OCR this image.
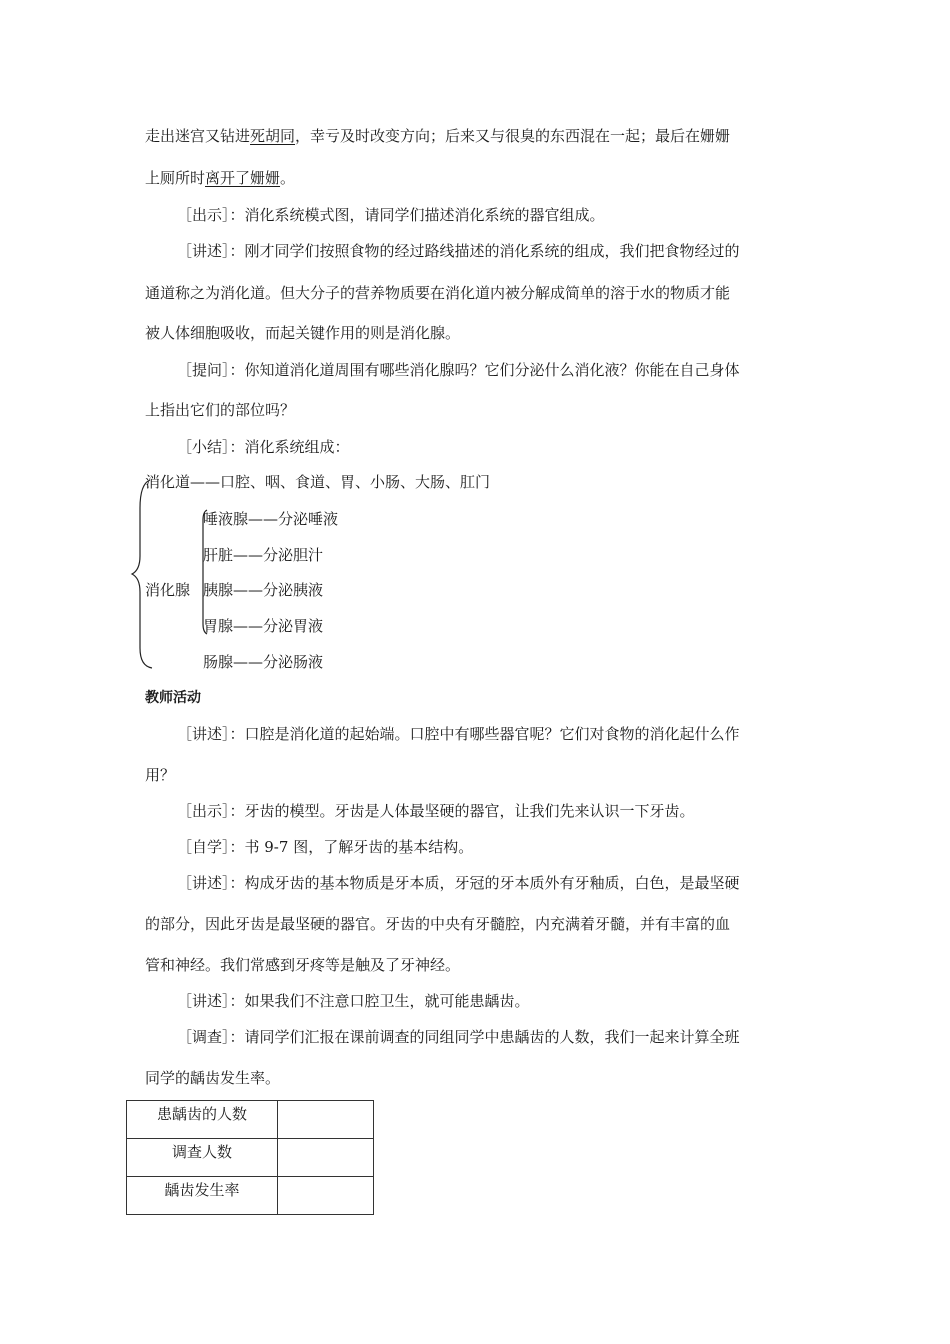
走出迷宫又钻进死胡同，幸亏及时改变方向；后来又与很臭的东西混在一起；最后在姗姗
上厕所时离开了姗姗。
［出示］：消化系统模式图，请同学们描述消化系统的器官组成。
［讲述］：刚才同学们按照食物的经过路线描述的消化系统的组成，我们把食物经过的
通道称之为消化道。但大分子的营养物质要在消化道内被分解成简单的溶于水的物质才能
被人体细胞吸收，而起关键作用的则是消化腺。
［提问］：你知道消化道周围有哪些消化腺吗？它们分泌什么消化液？你能在自己身体
上指出它们的部位吗？
［小结］：消化系统组成：
消化道——口腔、咽、食道、胃、小肠、大肠、肛门
唾液腺——分泌唾液
肝脏——分泌胆汁
消化腺 胰腺——分泌胰液
胃腺——分泌胃液
肠腺——分泌肠液
教师活动
［讲述］：口腔是消化道的起始端。口腔中有哪些器官呢？它们对食物的消化起什么作
用？
［出示］：牙齿的模型。牙齿是人体最坚硬的器官，让我们先来认识一下牙齿。
［自学］：书 9-7 图，了解牙齿的基本结构。
［讲述］：构成牙齿的基本物质是牙本质，牙冠的牙本质外有牙釉质，白色，是最坚硬
的部分，因此牙齿是最坚硬的器官。牙齿的中央有牙髓腔，内充满着牙髓，并有丰富的血
管和神经。我们常感到牙疼等是触及了牙神经。
［讲述］：如果我们不注意口腔卫生，就可能患龋齿。
［调查］：请同学们汇报在课前调查的同组同学中患龋齿的人数，我们一起来计算全班
同学的龋齿发生率。
患龋齿的人数	
调查人数	
龋齿发生率	
